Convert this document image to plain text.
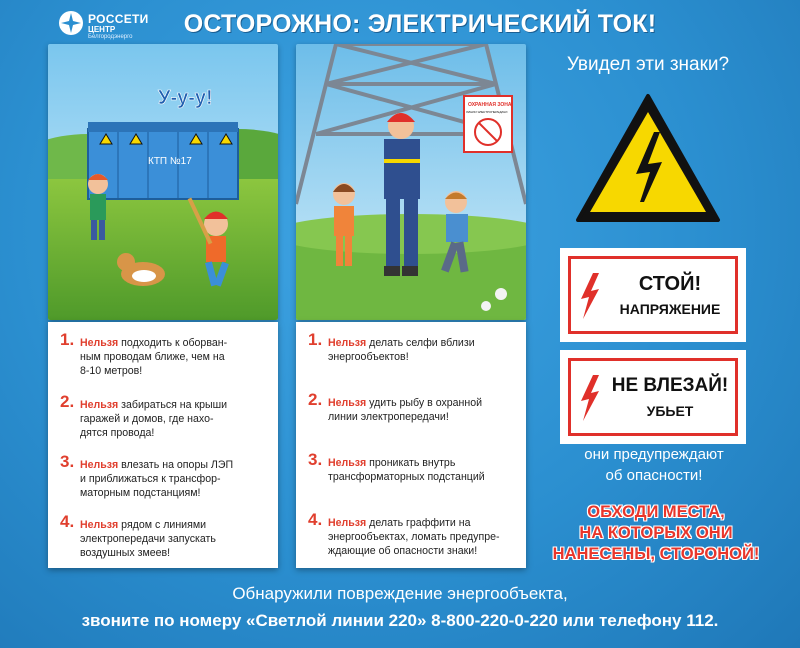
РОССЕТИ
ЦЕНТР
Белгородэнерго ОСТОРОЖНО: ЭЛЕКТРИЧЕСКИЙ ТОК!
КТП №17
У-у-у!	ОХРАННАЯ ЗОНА
ЛИНИИ ЭЛЕКТРОПЕРЕДАЧИ
1. Нельзя подходить к оборван-
ным проводам ближе, чем на
8-10 метров!
2. Нельзя забираться на крыши
гаражей и домов, где нахо-
дятся провода!
3. Нельзя влезать на опоры ЛЭП
и приближаться к трансфор-
маторным подстанциям!
4. Нельзя рядом с линиями
электропередачи запускать
воздушных змеев!
1. Нельзя делать селфи вблизи
энергообъектов!
2. Нельзя удить рыбу в охранной
линии электропередачи!
3. Нельзя проникать внутрь
трансформаторных подстанций
4. Нельзя делать граффити на
энергообъектах, ломать предупре-
ждающие об опасности знаки!
Увидел эти знаки?
СТОЙ!
НАПРЯЖЕНИЕ
НЕ ВЛЕЗАЙ!
УБЬЕТ
они предупреждают
об опасности!
ОБХОДИ МЕСТА,
НА КОТОРЫХ ОНИ
НАНЕСЕНЫ, СТОРОНОЙ!
Обнаружили повреждение энергообъекта,
звоните по номеру «Светлой линии 220» 8-800-220-0-220 или телефону 112.
